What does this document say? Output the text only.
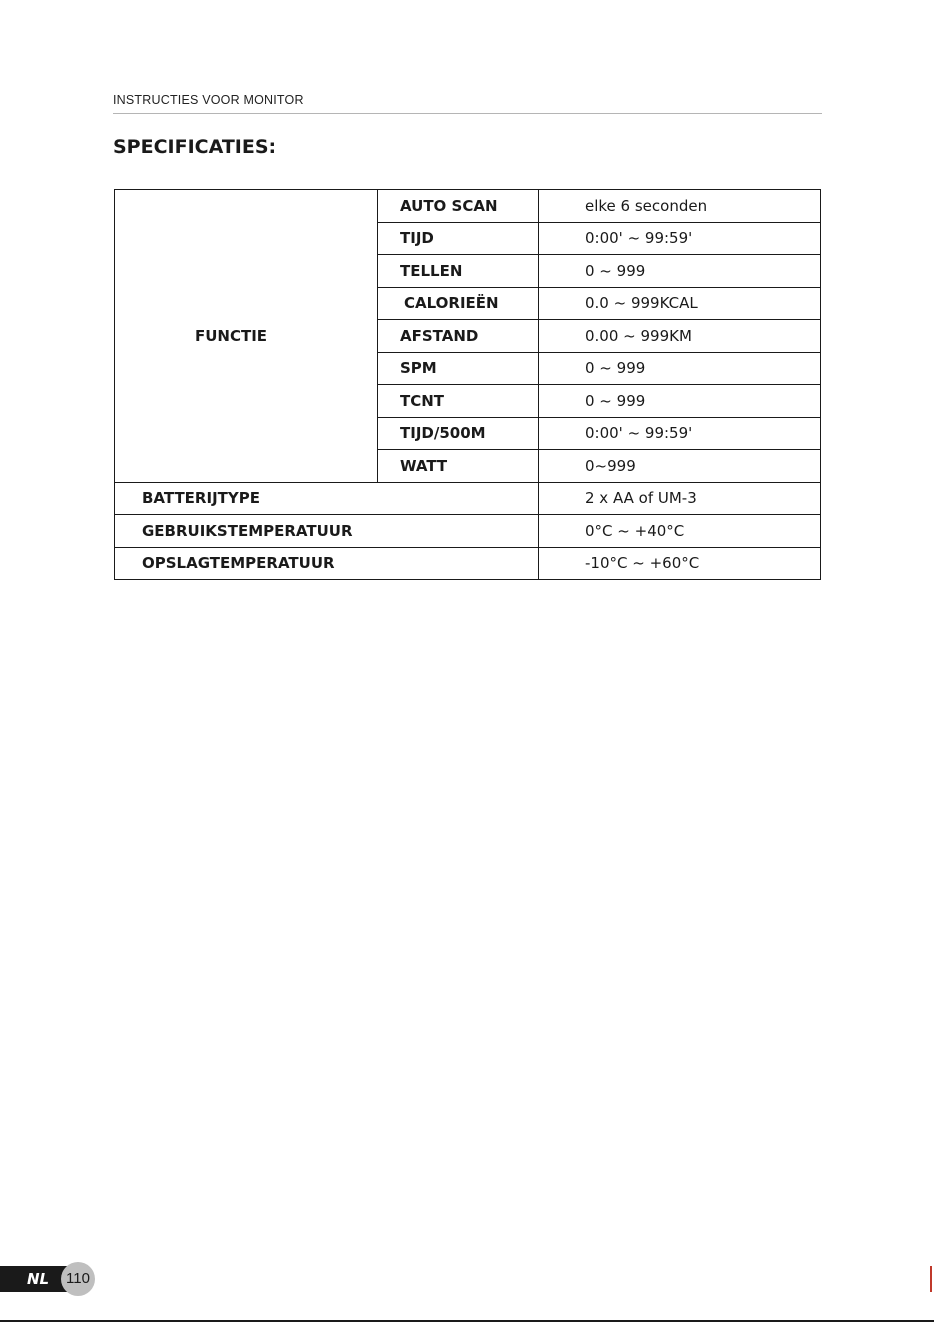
INSTRUCTIES VOOR MONITOR
SPECIFICATIES:
FUNCTIE	AUTO SCAN	elke 6 seconden
	TIJD	0:00' ~ 99:59'
	TELLEN	0 ~ 999
	CALORIEËN	0.0 ~ 999KCAL
	AFSTAND	0.00 ~ 999KM
	SPM	0 ~ 999
	TCNT	0 ~ 999
	TIJD/500M	0:00' ~ 99:59'
	WATT	0~999
BATTERIJTYPE		2 x AA of UM-3
GEBRUIKSTEMPERATUUR		0°C ~ +40°C
OPSLAGTEMPERATUUR		-10°C ~ +60°C
NL	110
